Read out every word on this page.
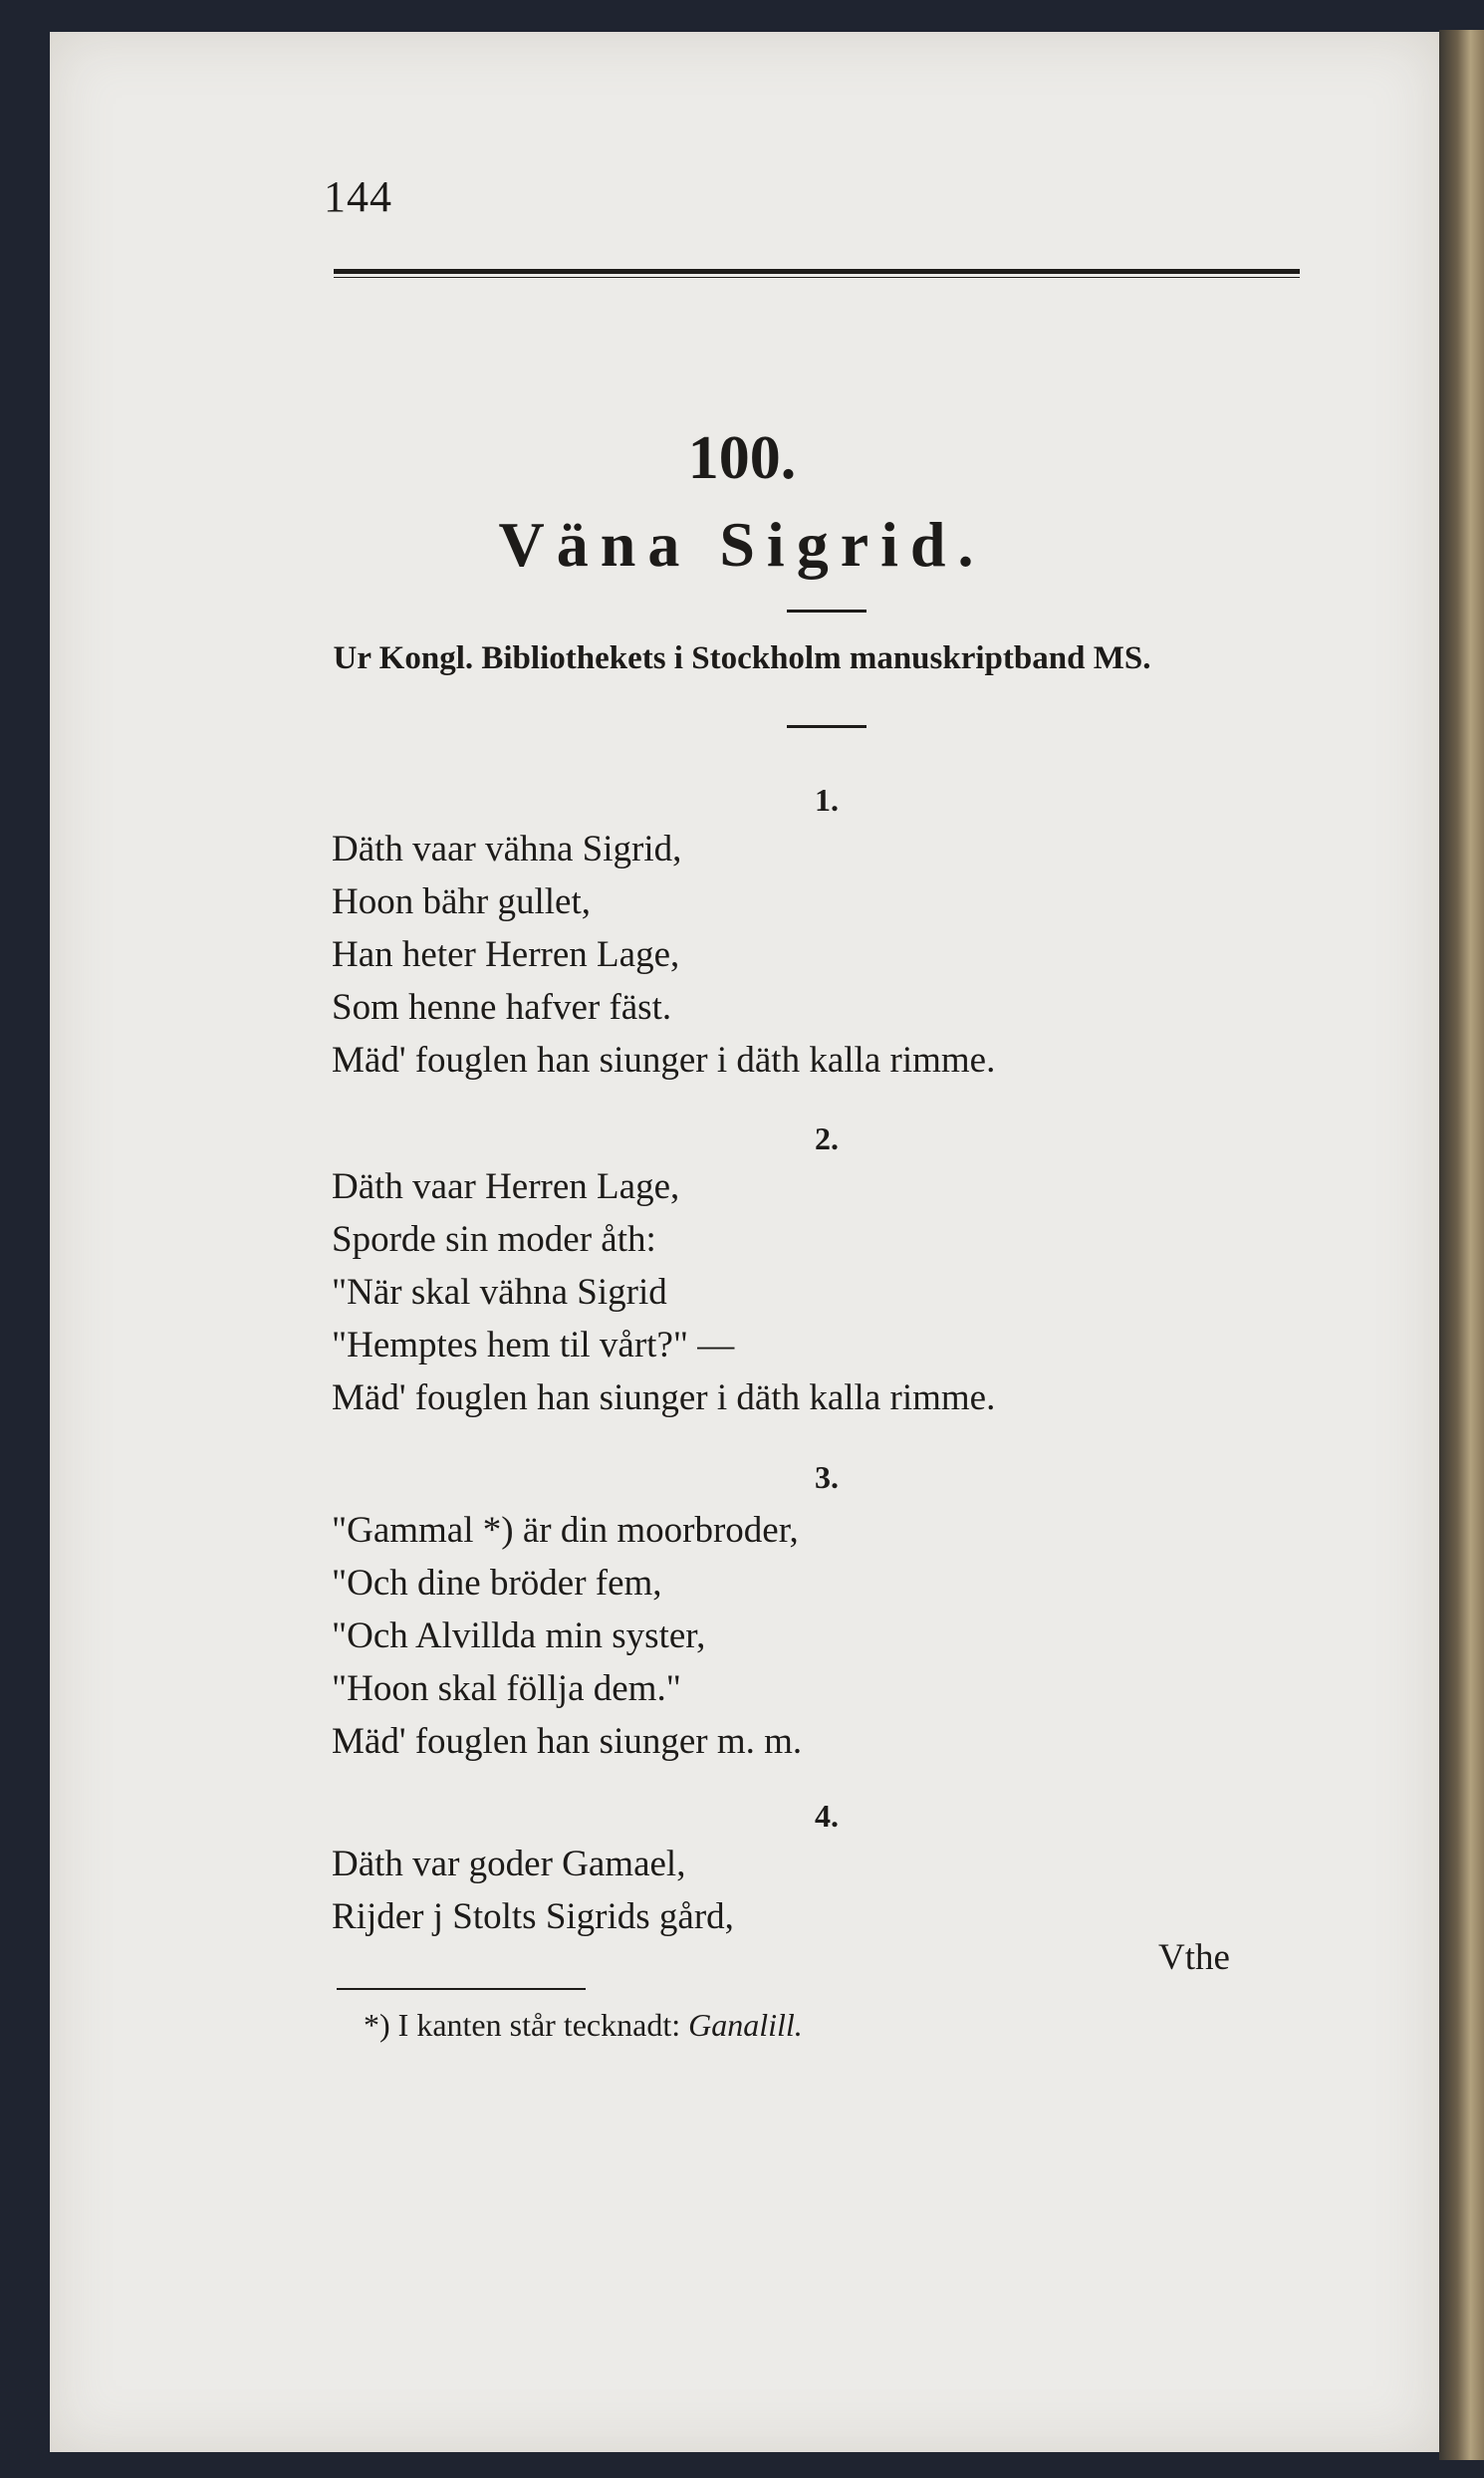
144
100.
Väna Sigrid.
Ur Kongl. Bibliothekets i Stockholm manuskriptband MS.
1.
Däth vaar vähna Sigrid,
Hoon bähr gullet,
Han heter Herren Lage,
Som henne hafver fäst.
Mäd' fouglen han siunger i däth kalla rimme.
2.
Däth vaar Herren Lage,
Sporde sin moder åth:
"När skal vähna Sigrid
"Hemptes hem til vårt?" —
Mäd' fouglen han siunger i däth kalla rimme.
3.
"Gammal *) är din moorbroder,
"Och dine bröder fem,
"Och Alvillda min syster,
"Hoon skal föllja dem."
Mäd' fouglen han siunger m. m.
4.
Däth var goder Gamael,
Rijder j Stolts Sigrids gård,
Vthe
*) I kanten står tecknadt: Ganalill.
